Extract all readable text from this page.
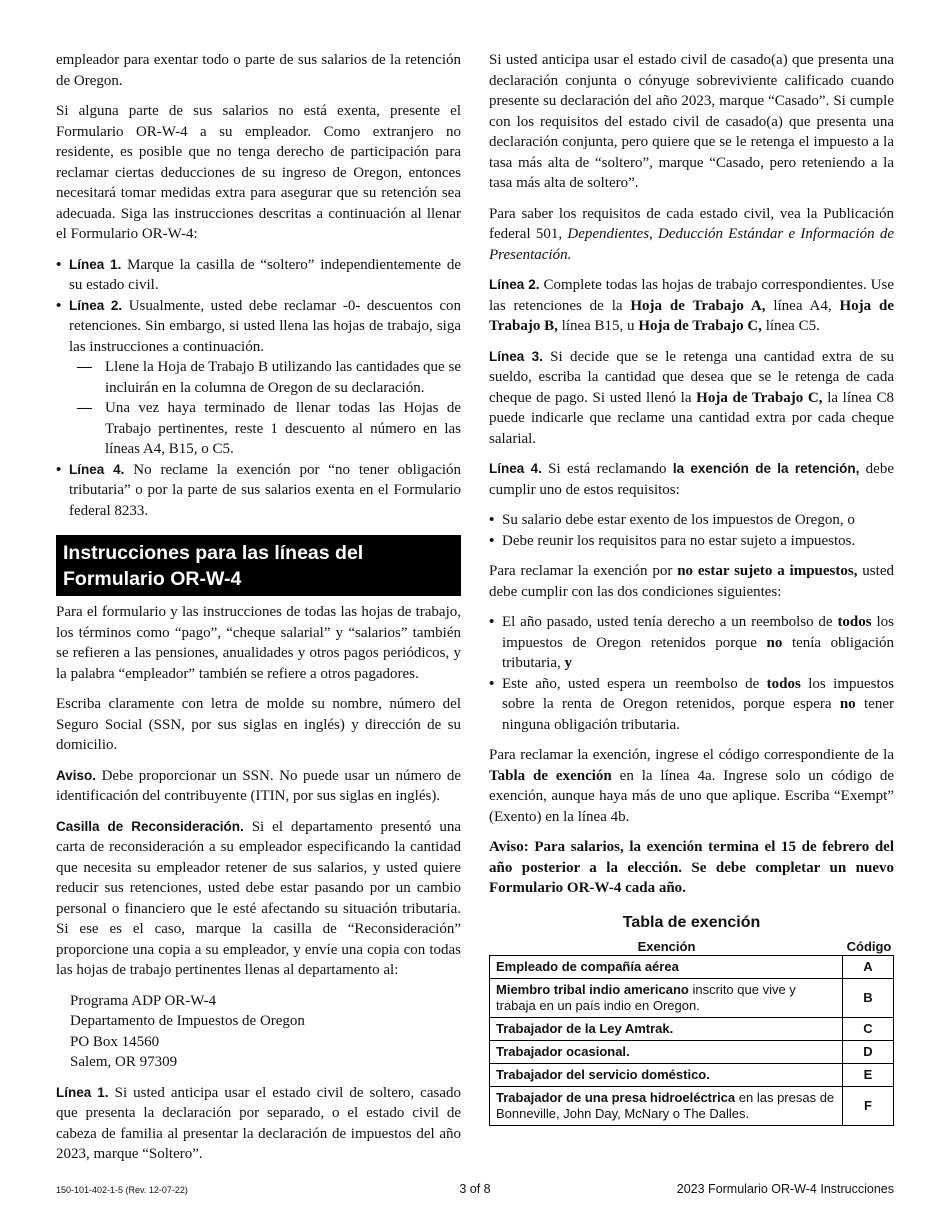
empleador para exentar todo o parte de sus salarios de la retención de Oregon.

Si alguna parte de sus salarios no está exenta, presente el Formulario OR-W-4 a su empleador. Como extranjero no residente, es posible que no tenga derecho de participación para reclamar ciertas deducciones de su ingreso de Oregon, entonces necesitará tomar medidas extra para asegurar que su retención sea adecuada. Siga las instrucciones descritas a continuación al llenar el Formulario OR-W-4:

• Línea 1. Marque la casilla de “soltero” independientemente de su estado civil.
• Línea 2. Usualmente, usted debe reclamar -0- descuentos con retenciones. Sin embargo, si usted llena las hojas de trabajo, siga las instrucciones a continuación.
— Llene la Hoja de Trabajo B utilizando las cantidades que se incluirán en la columna de Oregon de su declaración.
— Una vez haya terminado de llenar todas las Hojas de Trabajo pertinentes, reste 1 descuento al número en las líneas A4, B15, o C5.
• Línea 4. No reclame la exención por “no tener obligación tributaria” o por la parte de sus salarios exenta en el Formulario federal 8233.
Instrucciones para las líneas del
Formulario OR-W-4

Para el formulario y las instrucciones de todas las hojas de trabajo, los términos como “pago”, “cheque salarial” y “salarios” también se refieren a las pensiones, anualidades y otros pagos periódicos, y la palabra “empleador” también se refiere a otros pagadores.

Escriba claramente con letra de molde su nombre, número del Seguro Social (SSN, por sus siglas en inglés) y dirección de su domicilio.

Aviso. Debe proporcionar un SSN. No puede usar un número de identificación del contribuyente (ITIN, por sus siglas en inglés).

Casilla de Reconsideración. Si el departamento presentó una carta de reconsideración a su empleador especificando la cantidad que necesita su empleador retener de sus salarios, y usted quiere reducir sus retenciones, usted debe estar pasando por un cambio personal o financiero que le esté afectando su situación tributaria. Si ese es el caso, marque la casilla de “Reconsideración” proporcione una copia a su empleador, y envíe una copia con todas las hojas de trabajo pertinentes llenas al departamento al:

Programa ADP OR-W-4
Departamento de Impuestos de Oregon
PO Box 14560
Salem, OR 97309

Línea 1. Si usted anticipa usar el estado civil de soltero, casado que presenta la declaración por separado, o el estado civil de cabeza de familia al presentar la declaración de impuestos del año 2023, marque “Soltero”.

Si usted anticipa usar el estado civil de casado(a) que presenta una declaración conjunta o cónyuge sobreviviente calificado cuando presente su declaración del año 2023, marque “Casado”. Si cumple con los requisitos del estado civil de casado(a) que presenta una declaración conjunta, pero quiere que se le retenga el impuesto a la tasa más alta de “soltero”, marque “Casado, pero reteniendo a la tasa más alta de soltero”.

Para saber los requisitos de cada estado civil, vea la Publicación federal 501, Dependientes, Deducción Estándar e Información de Presentación.

Línea 2. Complete todas las hojas de trabajo correspondientes. Use las retenciones de la Hoja de Trabajo A, línea A4, Hoja de Trabajo B, línea B15, u Hoja de Trabajo C, línea C5.

Línea 3. Si decide que se le retenga una cantidad extra de su sueldo, escriba la cantidad que desea que se le retenga de cada cheque de pago. Si usted llenó la Hoja de Trabajo C, la línea C8 puede indicarle que reclame una cantidad extra por cada cheque salarial.

Línea 4. Si está reclamando la exención de la retención, debe cumplir uno de estos requisitos:

• Su salario debe estar exento de los impuestos de Oregon, o
• Debe reunir los requisitos para no estar sujeto a impuestos.

Para reclamar la exención por no estar sujeto a impuestos, usted debe cumplir con las dos condiciones siguientes:

• El año pasado, usted tenía derecho a un reembolso de todos los impuestos de Oregon retenidos porque no tenía obligación tributaria, y
• Este año, usted espera un reembolso de todos los impuestos sobre la renta de Oregon retenidos, porque espera no tener ninguna obligación tributaria.

Para reclamar la exención, ingrese el código correspondiente de la Tabla de exención en la línea 4a. Ingrese solo un código de exención, aunque haya más de uno que aplique. Escriba “Exempt” (Exento) en la línea 4b.

Aviso: Para salarios, la exención termina el 15 de febrero del año posterior a la elección. Se debe completar un nuevo Formulario OR-W-4 cada año.

Tabla de exención
Exención	Código
Empleado de compañía aérea	A
Miembro tribal indio americano inscrito que vive y trabaja en un país indio en Oregon.	B
Trabajador de la Ley Amtrak.	C
Trabajador ocasional.	D
Trabajador del servicio doméstico.	E
Trabajador de una presa hidroeléctrica en las presas de Bonneville, John Day, McNary o The Dalles.	F
150-101-402-1-5 (Rev. 12-07-22)	3 of 8	2023 Formulario OR-W-4 Instrucciones
